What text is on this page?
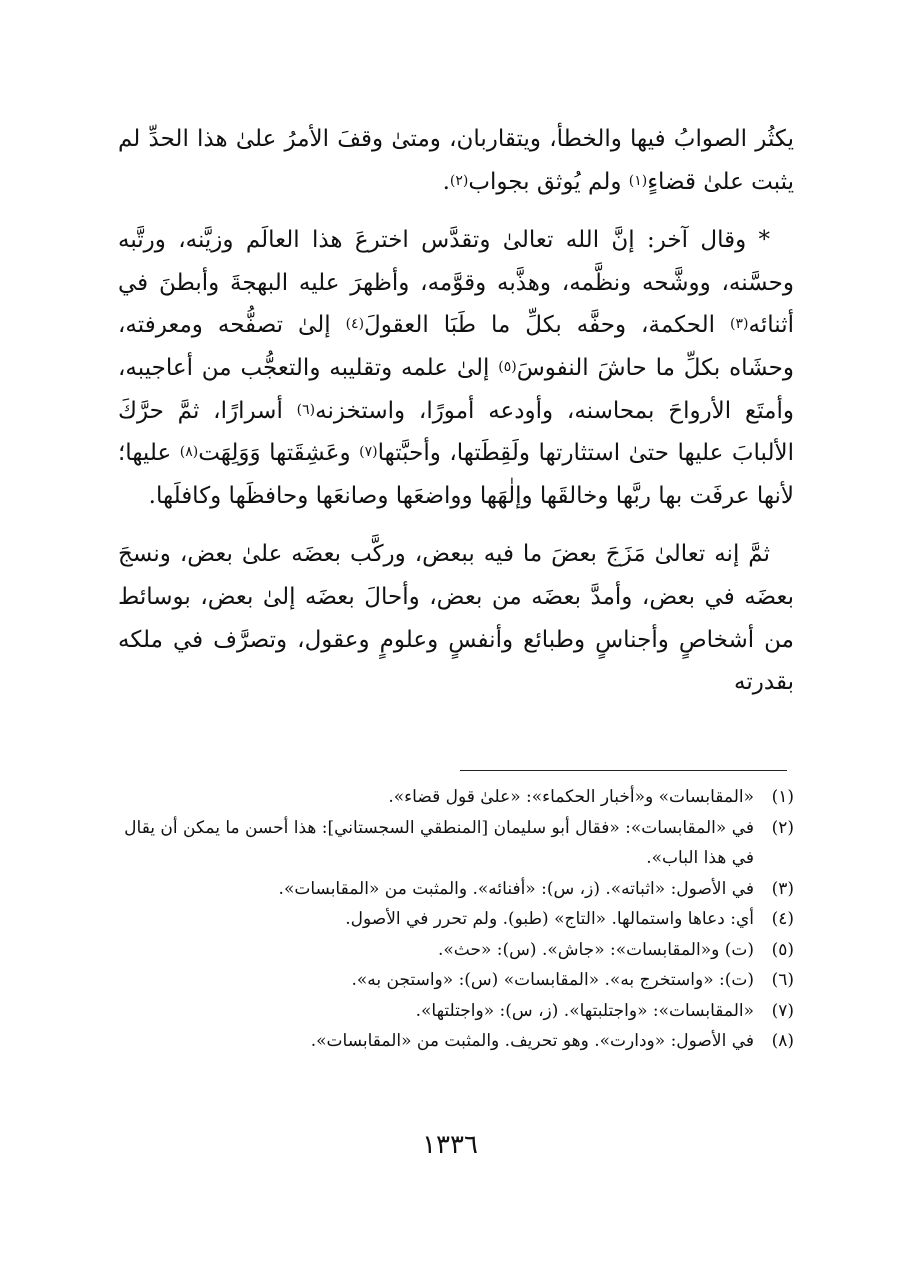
يكثُر الصوابُ فيها والخطأ، ويتقاربان، ومتىٰ وقفَ الأمرُ علىٰ هذا الحدِّ لم يثبت علىٰ قضاءٍ$^{(١)}$ ولم يُوثق بجواب$^{(٢)}$.

* وقال آخر: إنَّ الله تعالىٰ وتقدَّس اخترعَ هذا العالَم وزيَّنه، ورتَّبه وحسَّنه، ووشَّحه ونظَّمه، وهذَّبه وقوَّمه، وأظهرَ عليه البهجةَ وأبطنَ في أثنائه$^{(٣)}$ الحكمة، وحفَّه بكلِّ ما طَبَا العقولَ$^{(٤)}$ إلىٰ تصفُّحه ومعرفته، وحشَاه بكلِّ ما حاشَ النفوسَ$^{(٥)}$ إلىٰ علمه وتقليبه والتعجُّب من أعاجيبه، وأمتَع الأرواحَ بمحاسنه، وأودعه أمورًا، واستخزنه$^{(٦)}$ أسرارًا، ثمَّ حرَّكَ الألبابَ عليها حتىٰ استثارتها ولَقِطَتها، وأحبَّتها$^{(٧)}$ وعَشِقَتها وَوَلِهَت$^{(٨)}$ عليها؛ لأنها عرفَت بها ربَّها وخالقَها وإلٰهَها وواضعَها وصانعَها وحافظَها وكافلَها.

ثمَّ إنه تعالىٰ مَزَجَ بعضَ ما فيه ببعض، وركَّب بعضَه علىٰ بعض، ونسجَ بعضَه في بعض، وأمدَّ بعضَه من بعض، وأحالَ بعضَه إلىٰ بعض، بوسائط من أشخاصٍ وأجناسٍ وطبائع وأنفسٍ وعلومٍ وعقول، وتصرَّف في ملكه بقدرته

(١)
«المقابسات» و«أخبار الحكماء»: «علىٰ قول قضاء».
(٢)
في «المقابسات»: «فقال أبو سليمان [المنطقي السجستاني]: هذا أحسن ما يمكن أن يقال في هذا الباب».
(٣)
في الأصول: «اثباته». (ز، س): «أفنائه». والمثبت من «المقابسات».
(٤)
أي: دعاها واستمالها. «التاج» (طبو). ولم تحرر في الأصول.
(٥)
(ت) و«المقابسات»: «جاش». (س): «حث».
(٦)
(ت): «واستخرج به». «المقابسات» (س): «واستجن به».
(٧)
«المقابسات»: «واجتلبتها». (ز، س): «واجتلتها».
(٨)
في الأصول: «ودارت». وهو تحريف. والمثبت من «المقابسات».
١٣٣٦
